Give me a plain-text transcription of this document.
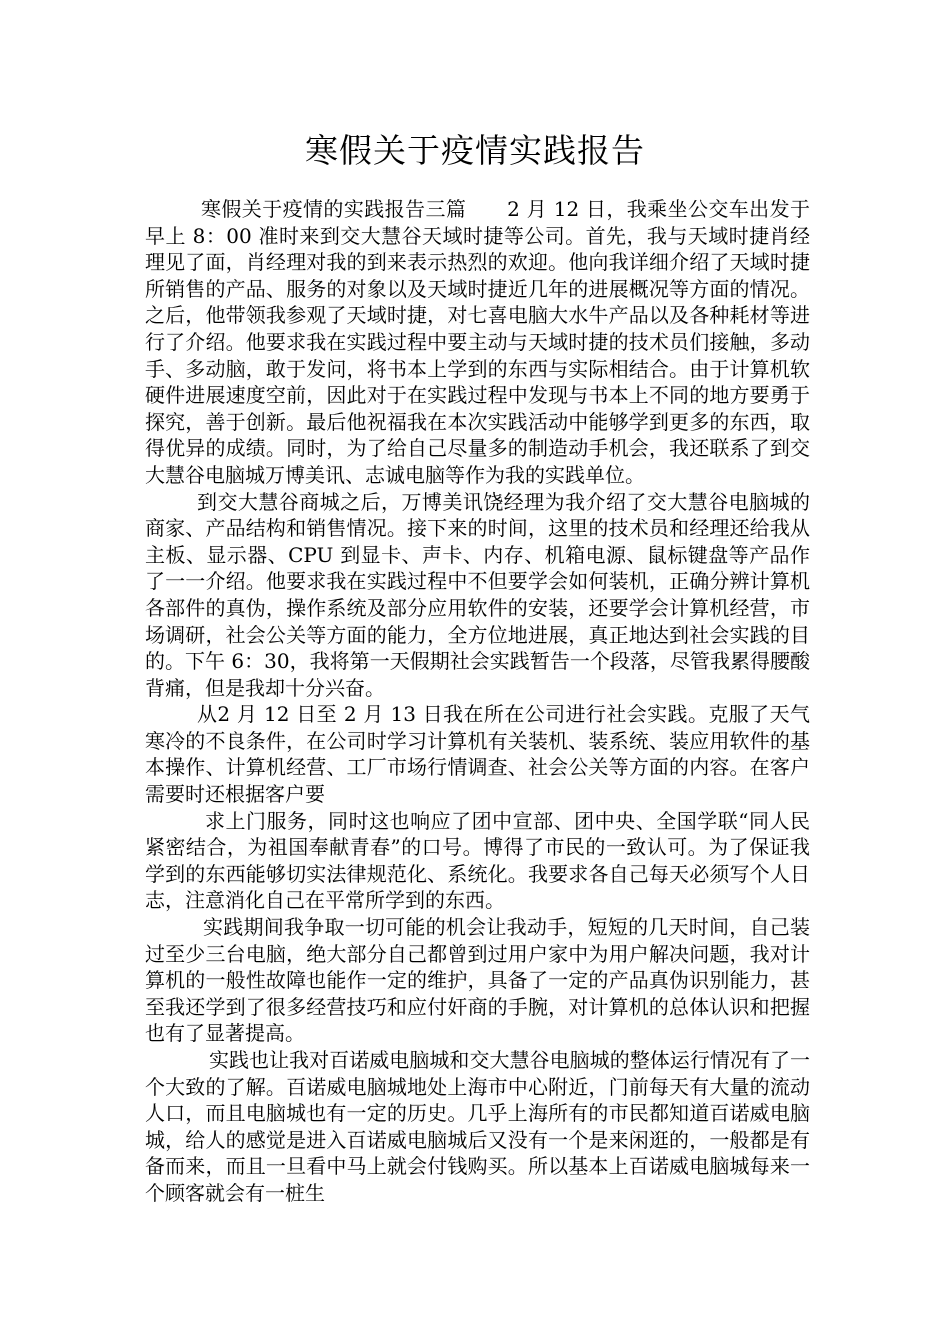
寒假关于疫情实践报告

寒假关于疫情的实践报告三篇　　2 月 12 日，我乘坐公交车出发于早上 8：00 准时来到交大慧谷天域时捷等公司。首先，我与天域时捷肖经理见了面，肖经理对我的到来表示热烈的欢迎。他向我详细介绍了天域时捷所销售的产品、服务的对象以及天域时捷近几年的进展概况等方面的情况。之后，他带领我参观了天域时捷，对七喜电脑大水牛产品以及各种耗材等进行了介绍。他要求我在实践过程中要主动与天域时捷的技术员们接触，多动手、多动脑，敢于发问，将书本上学到的东西与实际相结合。由于计算机软硬件进展速度空前，因此对于在实践过程中发现与书本上不同的地方要勇于探究，善于创新。最后他祝福我在本次实践活动中能够学到更多的东西，取得优异的成绩。同时，为了给自己尽量多的制造动手机会，我还联系了到交大慧谷电脑城万博美讯、志诚电脑等作为我的实践单位。

到交大慧谷商城之后，万博美讯饶经理为我介绍了交大慧谷电脑城的商家、产品结构和销售情况。接下来的时间，这里的技术员和经理还给我从主板、显示器、CPU 到显卡、声卡、内存、机箱电源、鼠标键盘等产品作了一一介绍。他要求我在实践过程中不但要学会如何装机，正确分辨计算机各部件的真伪，操作系统及部分应用软件的安装，还要学会计算机经营，市场调研，社会公关等方面的能力，全方位地进展，真正地达到社会实践的目的。下午 6：30，我将第一天假期社会实践暂告一个段落，尽管我累得腰酸背痛，但是我却十分兴奋。

从2 月 12 日至 2 月 13 日我在所在公司进行社会实践。克服了天气寒冷的不良条件，在公司时学习计算机有关装机、装系统、装应用软件的基本操作、计算机经营、工厂市场行情调查、社会公关等方面的内容。在客户需要时还根据客户要

求上门服务，同时这也响应了团中宣部、团中央、全国学联“同人民紧密结合，为祖国奉献青春”的口号。博得了市民的一致认可。为了保证我学到的东西能够切实法律规范化、系统化。我要求各自己每天必须写个人日志，注意消化自己在平常所学到的东西。

实践期间我争取一切可能的机会让我动手，短短的几天时间，自己装过至少三台电脑，绝大部分自己都曾到过用户家中为用户解决问题，我对计算机的一般性故障也能作一定的维护，具备了一定的产品真伪识别能力，甚至我还学到了很多经营技巧和应付奸商的手腕，对计算机的总体认识和把握也有了显著提高。

实践也让我对百诺威电脑城和交大慧谷电脑城的整体运行情况有了一个大致的了解。百诺威电脑城地处上海市中心附近，门前每天有大量的流动人口，而且电脑城也有一定的历史。几乎上海所有的市民都知道百诺威电脑城，给人的感觉是进入百诺威电脑城后又没有一个是来闲逛的，一般都是有备而来，而且一旦看中马上就会付钱购买。所以基本上百诺威电脑城每来一个顾客就会有一桩生
